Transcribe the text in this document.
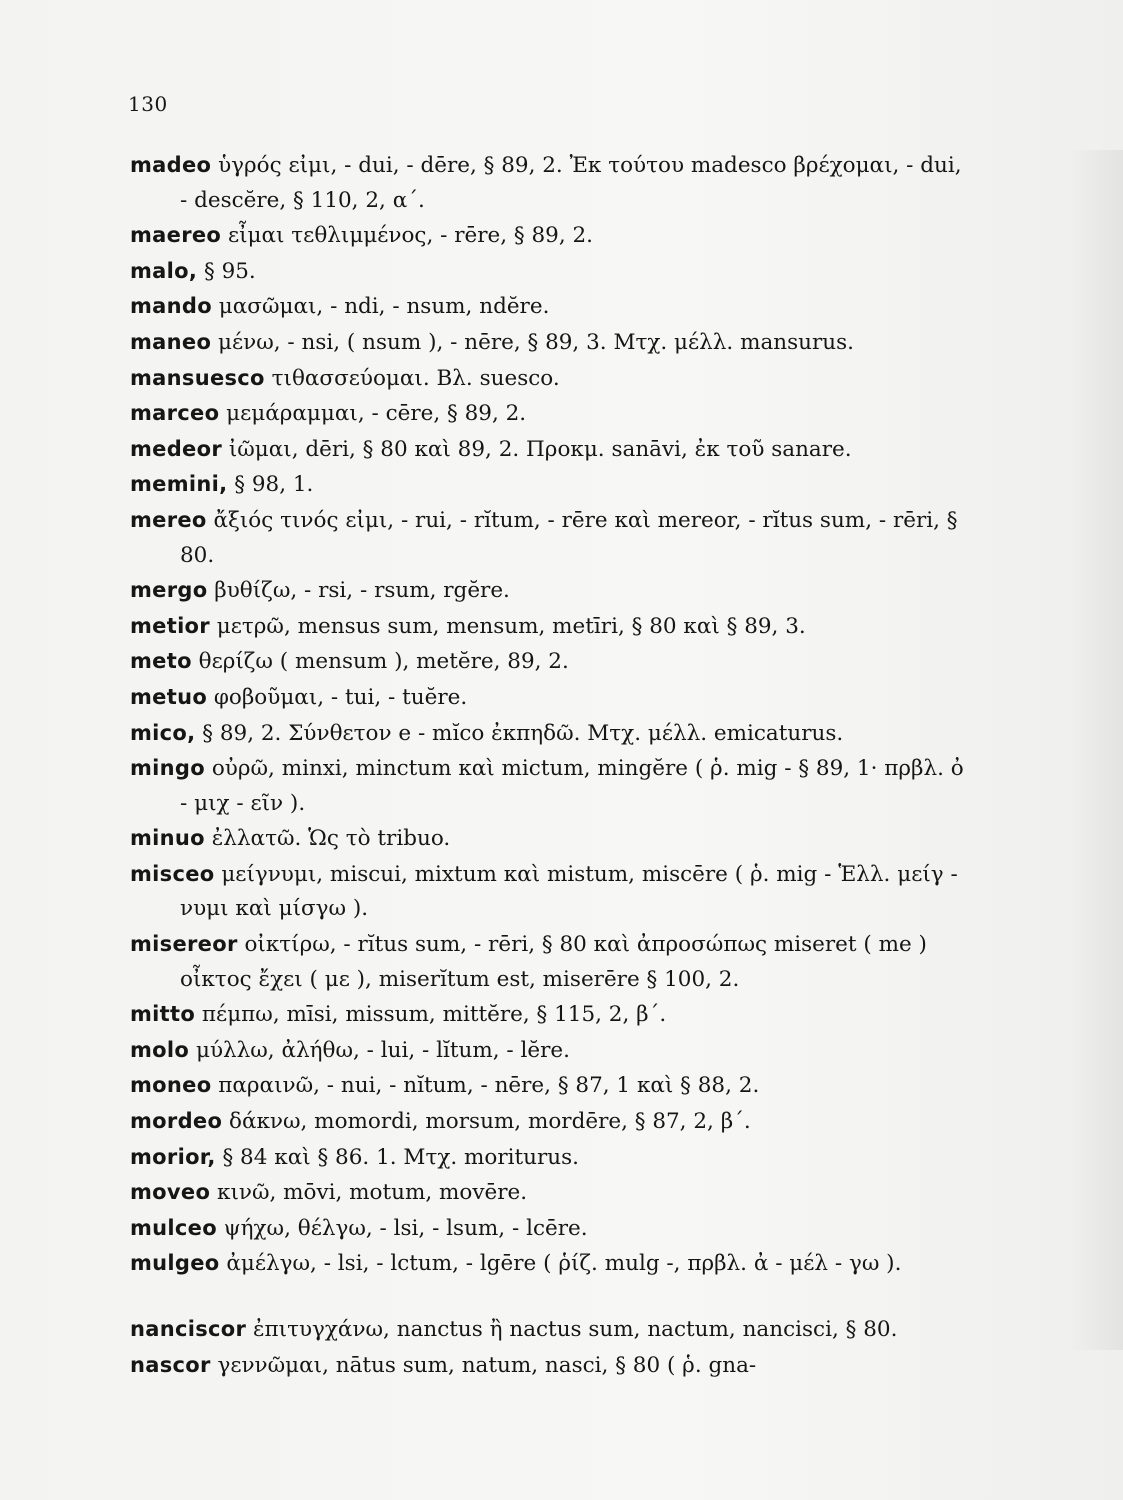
130

madeo ὑγρός εἰμι, - dui, - dēre, § 89, 2. Ἐκ τούτου madesco βρέχομαι, - dui, - descĕre, § 110, 2, α΄.

maereo εἶμαι τεθλιμμένος, - rēre, § 89, 2.

malo, § 95.

mando μασῶμαι, - ndi, - nsum, ndĕre.

maneo μένω, - nsi, ( nsum ), - nēre, § 89, 3. Μτχ. μέλλ. mansurus.

mansuesco τιθασσεύομαι. Βλ. suesco.

marceo μεμάραμμαι, - cēre, § 89, 2.

medeor ἰῶμαι, dēri, § 80 καὶ 89, 2. Προκμ. sanāvi, ἐκ τοῦ sanare.

memini, § 98, 1.

mereo ἄξιός τινός εἰμι, - rui, - rĭtum, - rēre καὶ mereor, - rĭtus sum, - rēri, § 80.

mergo βυθίζω, - rsi, - rsum, rgĕre.

metior μετρῶ, mensus sum, mensum, metīri, § 80 καὶ § 89, 3.

meto θερίζω ( mensum ), metĕre, 89, 2.

metuo φοβοῦμαι, - tui, - tuĕre.

mico, § 89, 2. Σύνθετον e - mĭco ἐκπηδῶ. Μτχ. μέλλ. emicaturus.

mingo οὐρῶ, minxi, minctum καὶ mictum, mingĕre ( ῥ. mig - § 89, 1· πρβλ. ὀ - μιχ - εῖν ).

minuo ἐλλατῶ. Ὡς τὸ tribuo.

misceo μείγνυμι, miscui, mixtum καὶ mistum, miscēre ( ῥ. mig - Ἑλλ. μείγ - νυμι καὶ μίσγω ).

misereor οἰκτίρω, - rĭtus sum, - rēri, § 80 καὶ ἀπροσώπως miseret ( me ) οἶκτος ἔχει ( με ), miserĭtum est, miserēre § 100, 2.

mitto πέμπω, mīsi, missum, mittĕre, § 115, 2, β΄.

molo μύλλω, ἀλήθω, - lui, - lĭtum, - lĕre.

moneo παραινῶ, - nui, - nĭtum, - nēre, § 87, 1 καὶ § 88, 2.

mordeo δάκνω, momordi, morsum, mordēre, § 87, 2, β΄.

morior, § 84 καὶ § 86. 1. Μτχ. moriturus.

moveo κινῶ, mōvi, motum, movēre.

mulceo ψήχω, θέλγω, - lsi, - lsum, - lcēre.

mulgeo ἀμέλγω, - lsi, - lctum, - lgēre ( ῥίζ. mulg -, πρβλ. ἀ - μέλ - γω ).

nanciscor ἐπιτυγχάνω, nanctus ἢ nactus sum, nactum, nancisci, § 80.

nascor γεννῶμαι, nātus sum, natum, nasci, § 80 ( ῥ. gna-
